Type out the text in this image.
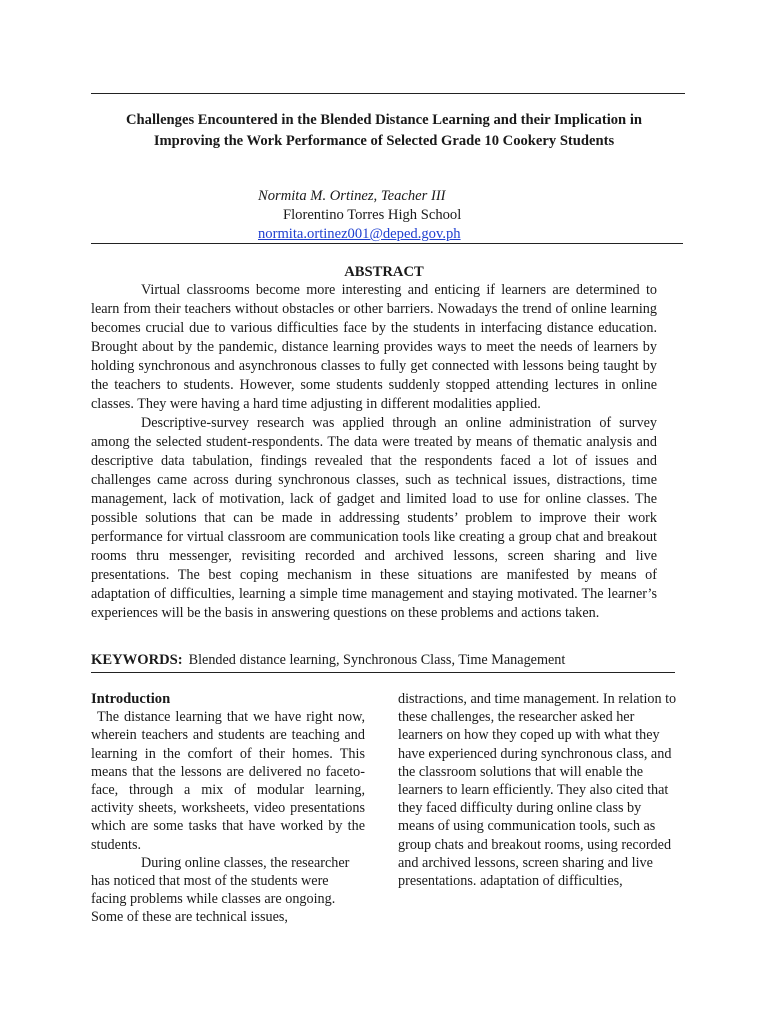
Challenges Encountered in the Blended Distance Learning and their Implication in Improving the Work Performance of Selected Grade 10 Cookery Students
Normita M. Ortinez, Teacher III
Florentino Torres High School
normita.ortinez001@deped.gov.ph
ABSTRACT

Virtual classrooms become more interesting and enticing if learners are determined to learn from their teachers without obstacles or other barriers. Nowadays the trend of online learning becomes crucial due to various difficulties face by the students in interfacing distance education. Brought about by the pandemic, distance learning provides ways to meet the needs of learners by holding synchronous and asynchronous classes to fully get connected with lessons being taught by the teachers to students. However, some students suddenly stopped attending lectures in online classes. They were having a hard time adjusting in different modalities applied.

Descriptive-survey research was applied through an online administration of survey among the selected student-respondents. The data were treated by means of thematic analysis and descriptive data tabulation, findings revealed that the respondents faced a lot of issues and challenges came across during synchronous classes, such as technical issues, distractions, time management, lack of motivation, lack of gadget and limited load to use for online classes. The possible solutions that can be made in addressing students’ problem to improve their work performance for virtual classroom are communication tools like creating a group chat and breakout rooms thru messenger, revisiting recorded and archived lessons, screen sharing and live presentations. The best coping mechanism in these situations are manifested by means of adaptation of difficulties, learning a simple time management and staying motivated. The learner’s experiences will be the basis in answering questions on these problems and actions taken.

KEYWORDS: Blended distance learning, Synchronous Class, Time Management
Introduction

The distance learning that we have right now, wherein teachers and students are teaching and learning in the comfort of their homes. This means that the lessons are delivered no faceto-face, through a mix of modular learning, activity sheets, worksheets, video presentations which are some tasks that have worked by the students.

During online classes, the researcher has noticed that most of the students were facing problems while classes are ongoing. Some of these are technical issues,

distractions, and time management. In relation to these challenges, the researcher asked her learners on how they coped up with what they have experienced during synchronous class, and the classroom solutions that will enable the learners to learn efficiently. They also cited that they faced difficulty during online class by means of using communication tools, such as group chats and breakout rooms, using recorded and archived lessons, screen sharing and live presentations. adaptation of difficulties,
